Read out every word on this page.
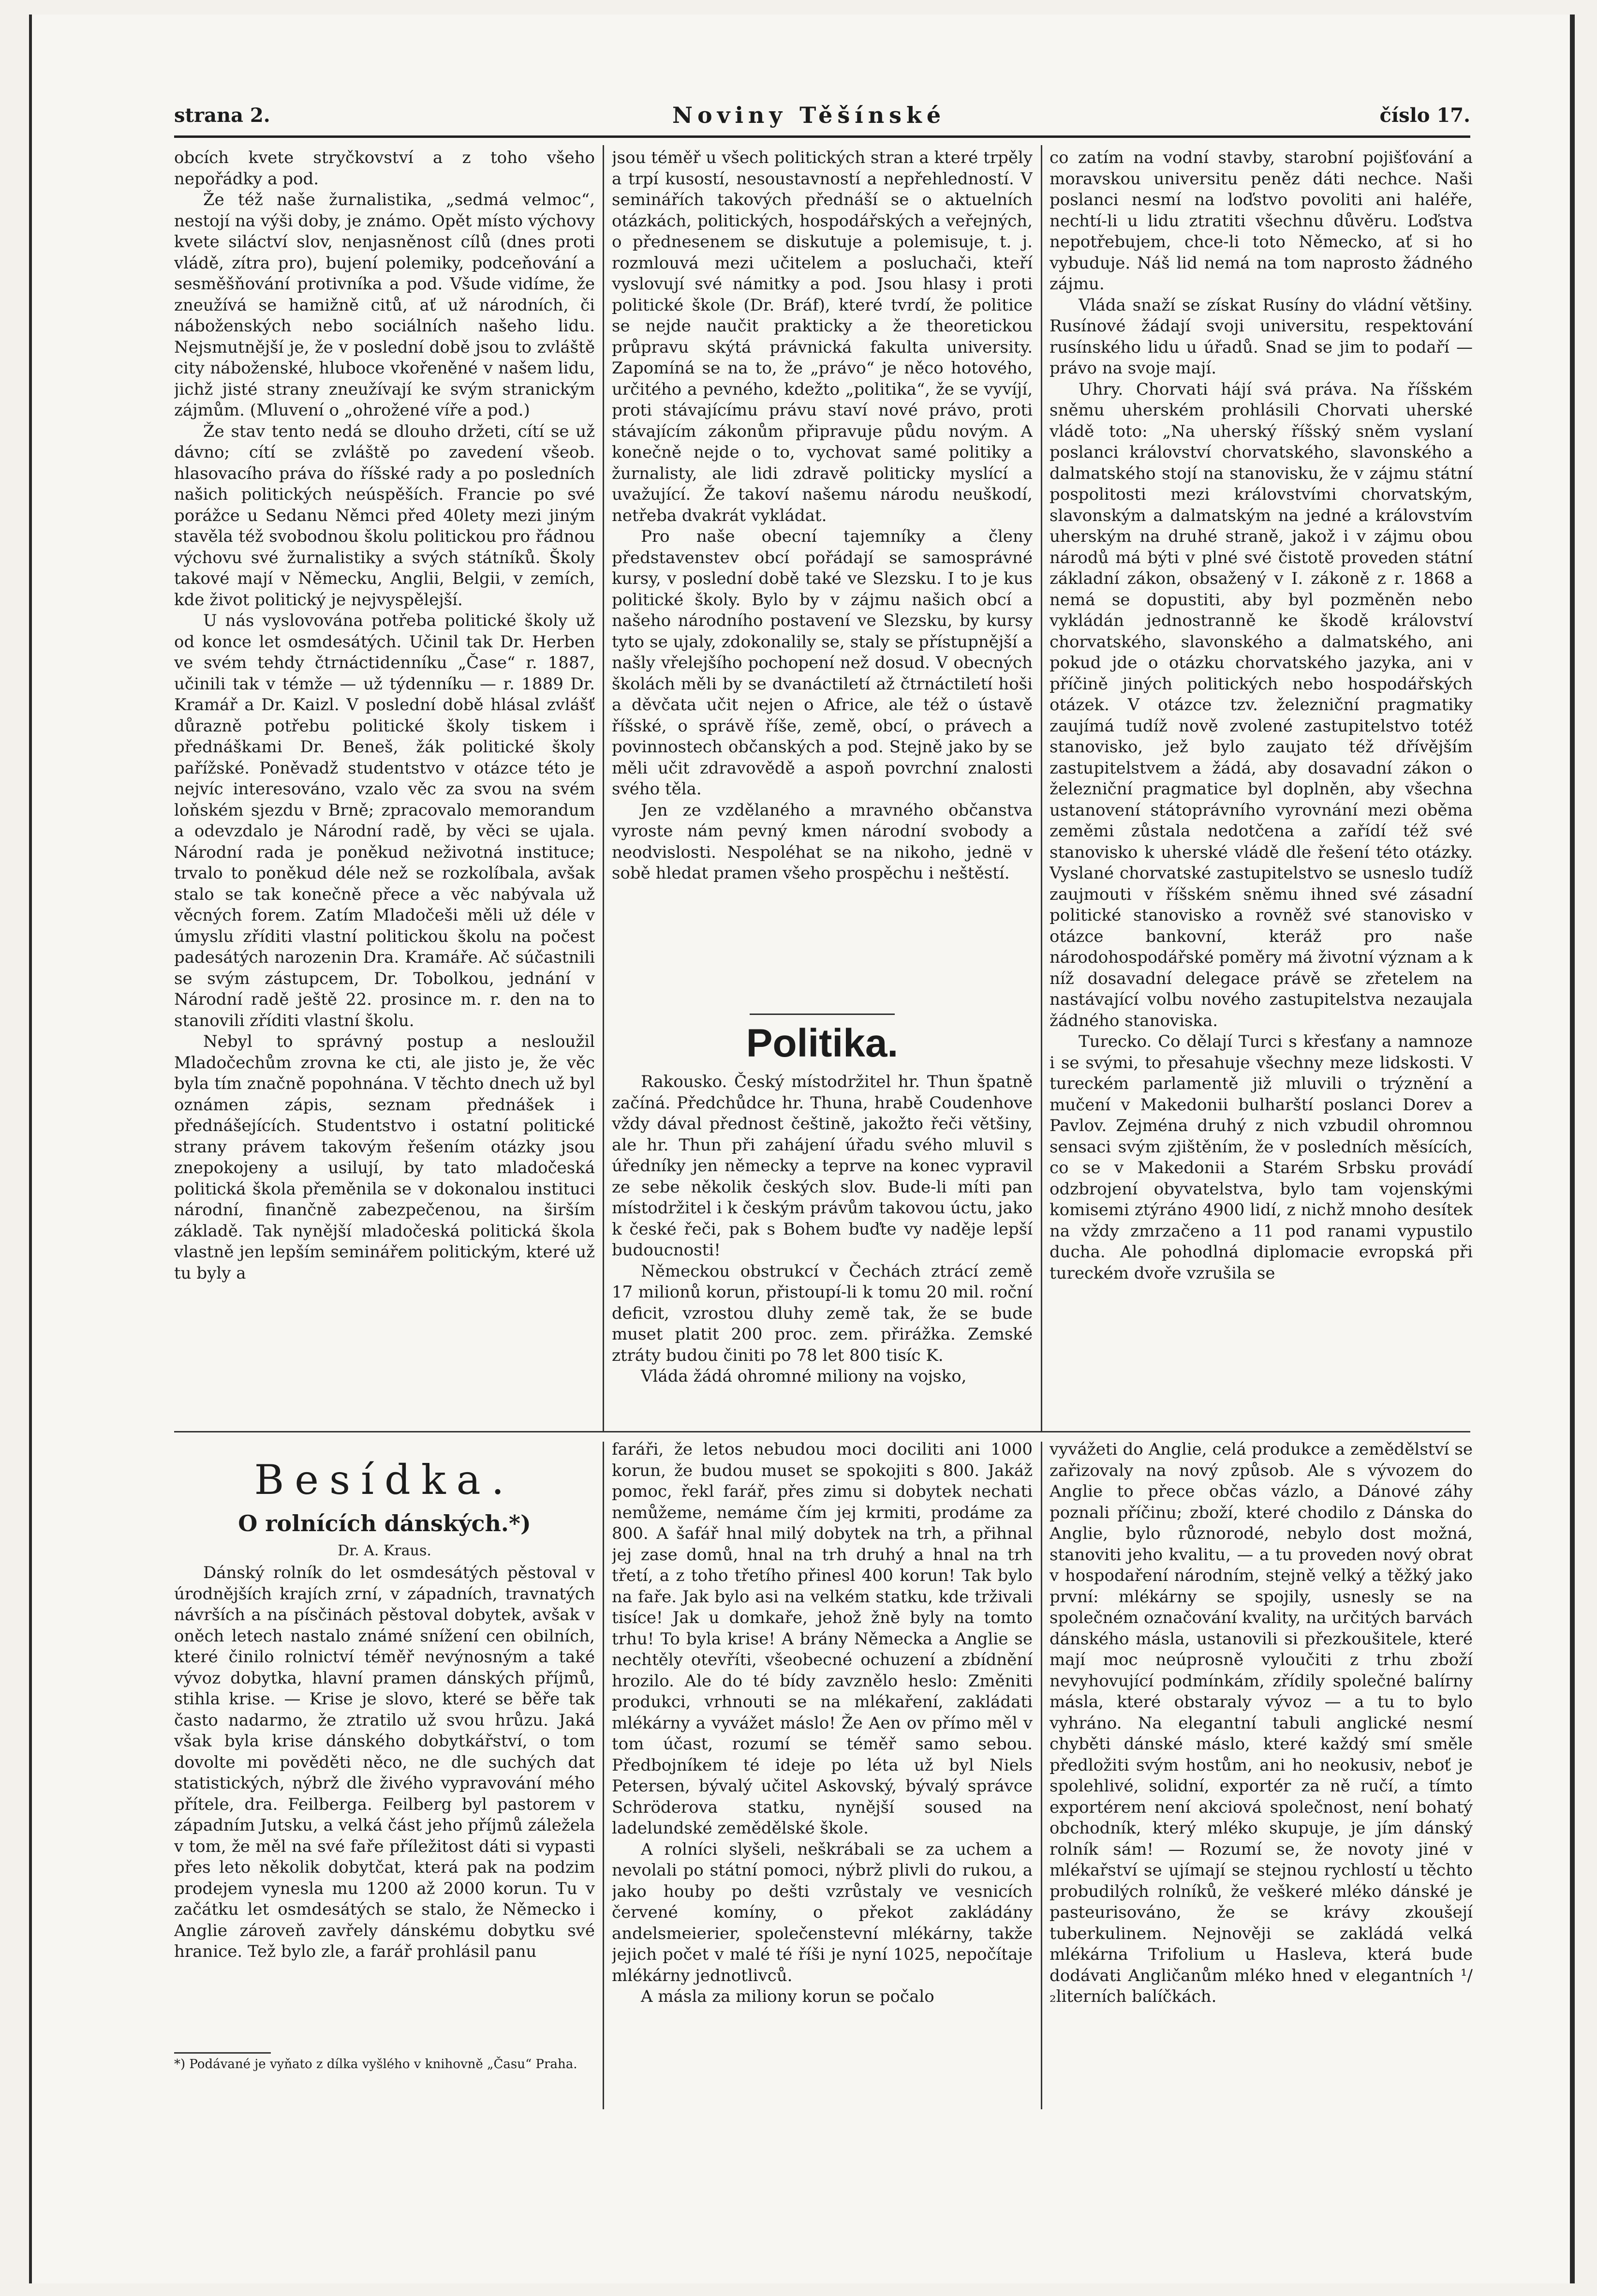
strana 2.	Noviny Těšínské	číslo 17.

obcích kvete stryčkovství a z toho všeho nepořádky a pod.

Že též naše žurnalistika, „sedmá velmoc“, nestojí na výši doby, je známo. Opět místo výchovy kvete siláctví slov, nenjasněnost cílů (dnes proti vládě, zítra pro), bujení polemiky, podceňování a sesměšňování protivníka a pod. Všude vidíme, že zneužívá se hamižně citů, ať už národních, či náboženských nebo sociálních našeho lidu. Nejsmutnější je, že v poslední době jsou to zvláště city náboženské, hluboce vkořeněné v našem lidu, jichž jisté strany zneužívají ke svým stranickým zájmům. (Mluvení o „ohrožené víře a pod.)

Že stav tento nedá se dlouho držeti, cítí se už dávno; cítí se zvláště po zavedení všeob. hlasovacího práva do říšské rady a po posledních našich politických neúspěších. Francie po své porážce u Sedanu Němci před 40lety mezi jiným stavěla též svobodnou školu politickou pro řádnou výchovu své žurnalistiky a svých státníků. Školy takové mají v Německu, Anglii, Belgii, v zemích, kde život politický je nejvyspělejší.

U nás vyslovována potřeba politické školy už od konce let osmdesátých. Učinil tak Dr. Herben ve svém tehdy čtrnáctidenníku „Čase“ r. 1887, učinili tak v témže — už týdenníku — r. 1889 Dr. Kramář a Dr. Kaizl. V poslední době hlásal zvlášť důrazně potřebu politické školy tiskem i přednáškami Dr. Beneš, žák politické školy pařížské. Poněvadž studentstvo v otázce této je nejvíc interesováno, vzalo věc za svou na svém loňském sjezdu v Brně; zpracovalo memorandum a odevzdalo je Národní radě, by věci se ujala. Národní rada je poněkud neživotná instituce; trvalo to poněkud déle než se rozkolíbala, avšak stalo se tak konečně přece a věc nabývala už věcných forem. Zatím Mladočeši měli už déle v úmyslu zříditi vlastní politickou školu na počest padesátých narozenin Dra. Kramáře. Ač súčastnili se svým zástupcem, Dr. Tobolkou, jednání v Národní radě ještě 22. prosince m. r. den na to stanovili zříditi vlastní školu.

Nebyl to správný postup a nesloužil Mladočechům zrovna ke cti, ale jisto je, že věc byla tím značně popohnána. V těchto dnech už byl oznámen zápis, seznam přednášek i přednášejících. Studentstvo i ostatní politické strany právem takovým řešením otázky jsou znepokojeny a usilují, by tato mladočeská politická škola přeměnila se v dokonalou instituci národní, finančně zabezpečenou, na širším základě. Tak nynější mladočeská politická škola vlastně jen lepším seminářem politickým, které už tu byly a

jsou téměř u všech politických stran a které trpěly a trpí kusostí, nesoustavností a nepřehledností. V seminářích takových přednáší se o aktuelních otázkách, politických, hospodářských a veřejných, o přednesenem se diskutuje a polemisuje, t. j. rozmlouvá mezi učitelem a posluchači, kteří vyslovují své námitky a pod. Jsou hlasy i proti politické škole (Dr. Bráf), které tvrdí, že politice se nejde naučit prakticky a že theoretickou průpravu skýtá právnická fakulta university. Zapomíná se na to, že „právo“ je něco hotového, určitého a pevného, kdežto „politika“, že se vyvíjí, proti stávajícímu právu staví nové právo, proti stávajícím zákonům připravuje půdu novým. A konečně nejde o to, vychovat samé politiky a žurnalisty, ale lidi zdravě politicky myslící a uvažující. Že takoví našemu národu neuškodí, netřeba dvakrát vykládat.

Pro naše obecní tajemníky a členy představenstev obcí pořádají se samosprávné kursy, v poslední době také ve Slezsku. I to je kus politické školy. Bylo by v zájmu našich obcí a našeho národního postavení ve Slezsku, by kursy tyto se ujaly, zdokonalily se, staly se přístupnější a našly vřelejšího pochopení než dosud. V obecných školách měli by se dvanáctiletí až čtrnáctiletí hoši a děvčata učit nejen o Africe, ale též o ústavě říšské, o správě říše, země, obcí, o právech a povinnostech občanských a pod. Stejně jako by se měli učit zdravovědě a aspoň povrchní znalosti svého těla.

Jen ze vzdělaného a mravného občanstva vyroste nám pevný kmen národní svobody a neodvislosti. Nespoléhat se na nikoho, jednë v sobě hledat pramen všeho prospěchu i neštěstí.

Politika.

Rakousko. Český místodržitel hr. Thun špatně začíná. Předchůdce hr. Thuna, hrabě Coudenhove vždy dával přednost češtině, jakožto řeči většiny, ale hr. Thun při zahájení úřadu svého mluvil s úředníky jen německy a teprve na konec vypravil ze sebe několik českých slov. Bude-li míti pan místodržitel i k českým právům takovou úctu, jako k české řeči, pak s Bohem buďte vy naděje lepší budoucnosti!

Německou obstrukcí v Čechách ztrácí země 17 milionů korun, přistoupí-li k tomu 20 mil. roční deficit, vzrostou dluhy země tak, že se bude muset platit 200 proc. zem. přirážka. Zemské ztráty budou činiti po 78 let 800 tisíc K.

Vláda žádá ohromné miliony na vojsko,

co zatím na vodní stavby, starobní pojišťování a moravskou universitu peněz dáti nechce. Naši poslanci nesmí na loďstvo povoliti ani haléře, nechtí-li u lidu ztratiti všechnu důvěru. Loďstva nepotřebujem, chce-li toto Německo, ať si ho vybuduje. Náš lid nemá na tom naprosto žádného zájmu.

Vláda snaží se získat Rusíny do vládní většiny. Rusínové žádají svoji universitu, respektování rusínského lidu u úřadů. Snad se jim to podaří — právo na svoje mají.

Uhry. Chorvati hájí svá práva. Na říšském sněmu uherském prohlásili Chorvati uherské vládě toto: „Na uherský říšský sněm vyslaní poslanci království chorvatského, slavonského a dalmatského stojí na stanovisku, že v zájmu státní pospolitosti mezi královstvími chorvatským, slavonským a dalmatským na jedné a královstvím uherským na druhé straně, jakož i v zájmu obou národů má býti v plné své čistotě proveden státní základní zákon, obsažený v I. zákoně z r. 1868 a nemá se dopustiti, aby byl pozměněn nebo vykládán jednostranně ke škodě království chorvatského, slavonského a dalmatského, ani pokud jde o otázku chorvatského jazyka, ani v příčině jiných politických nebo hospodářských otázek. V otázce tzv. železniční pragmatiky zaujímá tudíž nově zvolené zastupitelstvo totéž stanovisko, jež bylo zaujato též dřívějším zastupitelstvem a žádá, aby dosavadní zákon o železniční pragmatice byl doplněn, aby všechna ustanovení státoprávního vyrovnání mezi oběma zeměmi zůstala nedotčena a zařídí též své stanovisko k uherské vládě dle řešení této otázky. Vyslané chorvatské zastupitelstvo se usneslo tudíž zaujmouti v říšském sněmu ihned své zásadní politické stanovisko a rovněž své stanovisko v otázce bankovní, kteráž pro naše národohospodářské poměry má životní význam a k níž dosavadní delegace právě se zřetelem na nastávající volbu nového zastupitelstva nezaujala žádného stanoviska.

Turecko. Co dělají Turci s křesťany a namnoze i se svými, to přesahuje všechny meze lidskosti. V tureckém parlamentě již mluvili o trýznění a mučení v Makedonii bulharští poslanci Dorev a Pavlov. Zejména druhý z nich vzbudil ohromnou sensaci svým zjištěním, že v posledních měsících, co se v Makedonii a Starém Srbsku provádí odzbrojení obyvatelstva, bylo tam vojenskými komisemi ztýráno 4900 lidí, z nichž mnoho desítek na vždy zmrzačeno a 11 pod ranami vypustilo ducha. Ale pohodlná diplomacie evropská při tureckém dvoře vzrušila se

Besídka.
O rolnících dánských.*)
Dr. A. Kraus.

Dánský rolník do let osmdesátých pěstoval v úrodnějších krajích zrní, v západních, travnatých návrších a na písčinách pěstoval dobytek, avšak v oněch letech nastalo známé snížení cen obilních, které činilo rolnictví téměř nevýnosným a také vývoz dobytka, hlavní pramen dánských příjmů, stihla krise. — Krise je slovo, které se běře tak často nadarmo, že ztratilo už svou hrůzu. Jaká však byla krise dánského dobytkářství, o tom dovolte mi pověděti něco, ne dle suchých dat statistických, nýbrž dle živého vypravování mého přítele, dra. Feilberga. Feilberg byl pastorem v západním Jutsku, a velká část jeho příjmů záležela v tom, že měl na své faře příležitost dáti si vypasti přes leto několik dobytčat, která pak na podzim prodejem vynesla mu 1200 až 2000 korun. Tu v začátku let osmdesátých se stalo, že Německo i Anglie zároveň zavřely dánskému dobytku své hranice. Tež bylo zle, a farář prohlásil panu

faráři, že letos nebudou moci dociliti ani 1000 korun, že budou muset se spokojiti s 800. Jakáž pomoc, řekl farář, přes zimu si dobytek nechati nemůžeme, nemáme čím jej krmiti, prodáme za 800. A šafář hnal milý dobytek na trh, a přihnal jej zase domů, hnal na trh druhý a hnal na trh třetí, a z toho třetího přinesl 400 korun! Tak bylo na faře. Jak bylo asi na velkém statku, kde trživali tisíce! Jak u domkaře, jehož žně byly na tomto trhu! To byla krise! A brány Německa a Anglie se nechtěly otevříti, všeobecné ochuzení a zbídnění hrozilo. Ale do té bídy zavznělo heslo: Změniti produkci, vrhnouti se na mlékaření, zakládati mlékárny a vyvážet máslo! Že Aen ov přímo měl v tom účast, rozumí se téměř samo sebou. Předbojníkem té ideje po léta už byl Niels Petersen, bývalý učitel Askovský, bývalý správce Schröderova statku, nynější soused na ladelundské zemědělské škole.

A rolníci slyšeli, neškrábali se za uchem a nevolali po státní pomoci, nýbrž plivli do rukou, a jako houby po dešti vzrůstaly ve vesnicích červené komíny, o překot zakládány andelsmeierier, společenstevní mlékárny, takže jejich počet v malé té říši je nyní 1025, nepočítaje mlékárny jednotlivců.

A másla za miliony korun se počalo

vyvážeti do Anglie, celá produkce a zemědělství se zařizovaly na nový způsob. Ale s vývozem do Anglie to přece občas vázlo, a Dánové záhy poznali příčinu; zboží, které chodilo z Dánska do Anglie, bylo různorodé, nebylo dost možná, stanoviti jeho kvalitu, — a tu proveden nový obrat v hospodaření národním, stejně velký a těžký jako první: mlékárny se spojily, usnesly se na společném označování kvality, na určitých barvách dánského másla, ustanovili si přezkoušitele, které mají moc neúprosně vyloučiti z trhu zboží nevyhovující podmínkám, zřídily společné balírny másla, které obstaraly vývoz — a tu to bylo vyhráno. Na elegantní tabuli anglické nesmí chyběti dánské máslo, které každý smí směle předložiti svým hostům, ani ho neokusiv, neboť je spolehlivé, solidní, exportér za ně ručí, a tímto exportérem není akciová společnost, není bohatý obchodník, který mléko skupuje, je jím dánský rolník sám! — Rozumí se, že novoty jiné v mlékařství se ujímají se stejnou rychlostí u těchto probudilých rolníků, že veškeré mléko dánské je pasteurisováno, že se krávy zkoušejí tuberkulinem. Nejnověji se zakládá velká mlékárna Trifolium u Hasleva, která bude dodávati Angličanům mléko hned v elegantních ¹/₂literních balíčkách.

*) Podávané je vyňato z dílka vyšlého v knihovně „Času“ Praha.
